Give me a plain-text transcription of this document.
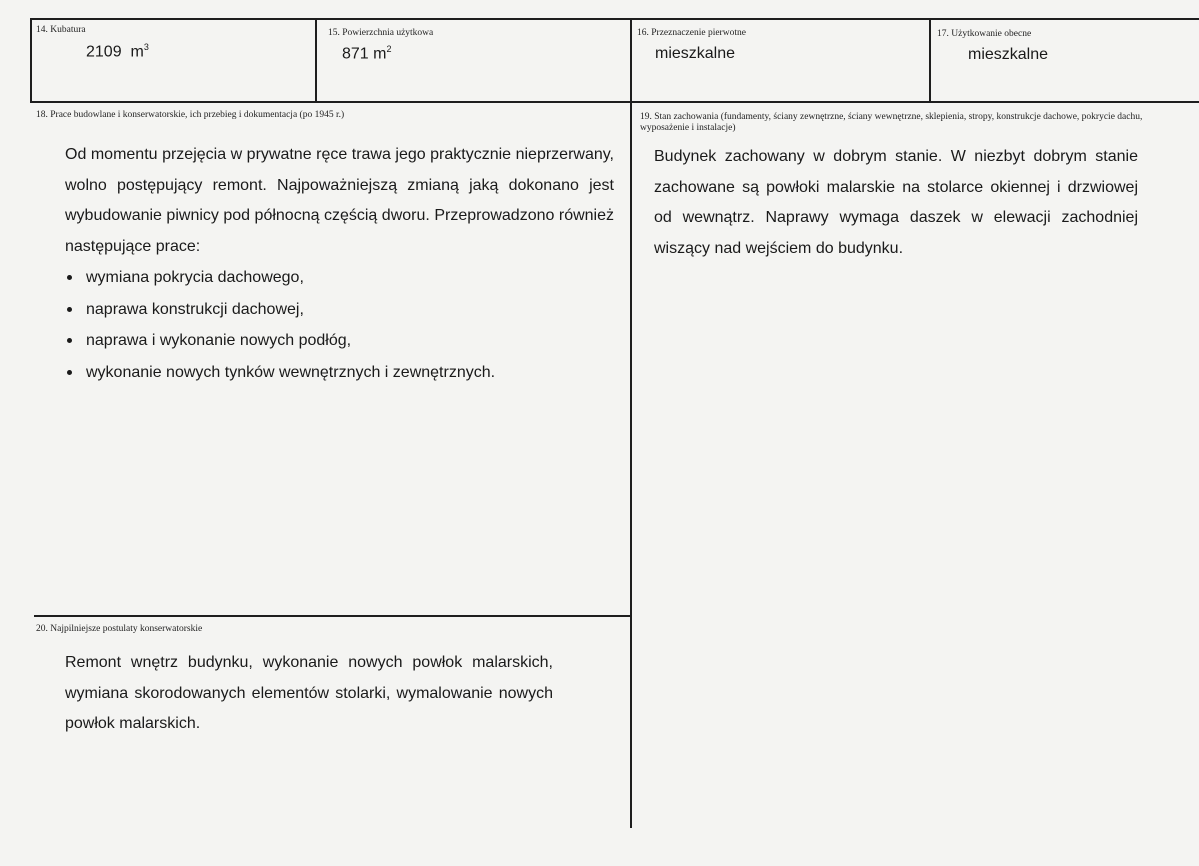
14. Kubatura
2109 $m^3$
15. Powierzchnia użytkowa
871 $m^2$
16. Przeznaczenie pierwotne
mieszkalne
17. Użytkowanie obecne
mieszkalne
18. Prace budowlane i konserwatorskie, ich przebieg i dokumentacja (po 1945 r.)

Od momentu przejęcia w prywatne ręce trawa jego praktycznie nieprzerwany, wolno postępujący remont. Najpoważniejszą zmianą jaką dokonano jest wybudowanie piwnicy pod północną częścią dworu. Przeprowadzono również następujące prace:

wymiana pokrycia dachowego,
naprawa konstrukcji dachowej,
naprawa i wykonanie nowych podłóg,
wykonanie nowych tynków wewnętrznych i zewnętrznych.
19. Stan zachowania (fundamenty, ściany zewnętrzne, ściany wewnętrzne, sklepienia, stropy, konstrukcje dachowe, pokrycie dachu, wyposażenie i instalacje)

Budynek zachowany w dobrym stanie. W niezbyt dobrym stanie zachowane są powłoki malarskie na stolarce okiennej i drzwiowej od wewnątrz. Naprawy wymaga daszek w elewacji zachodniej wiszący nad wejściem do budynku.

20. Najpilniejsze postulaty konserwatorskie

Remont wnętrz budynku, wykonanie nowych powłok malarskich, wymiana skorodowanych elementów stolarki, wymalowanie nowych powłok malarskich.
